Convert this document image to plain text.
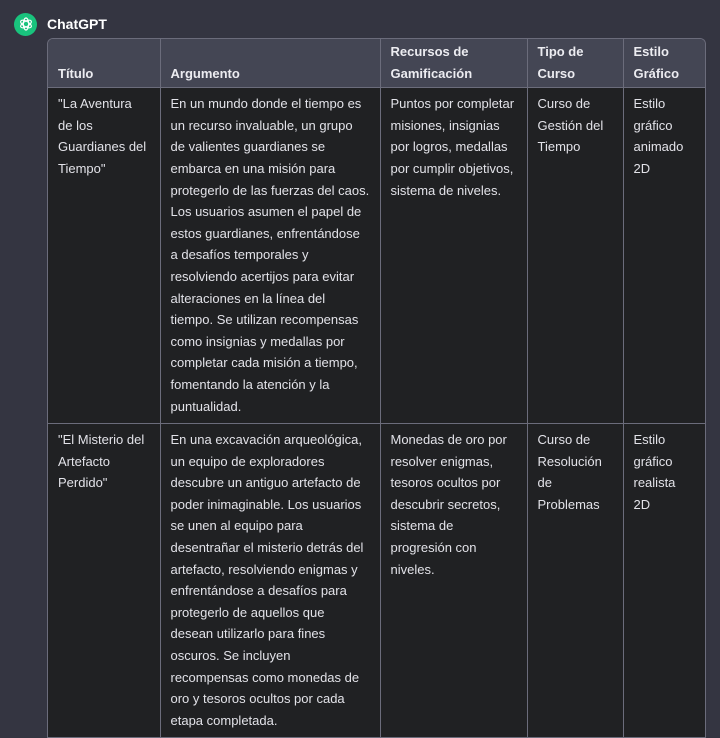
ChatGPT
Título	Argumento	Recursos de Gamificación	Tipo de Curso	Estilo Gráfico
"La Aventura de los Guardianes del Tiempo"	En un mundo donde el tiempo es un recurso invaluable, un grupo de valientes guardianes se embarca en una misión para protegerlo de las fuerzas del caos. Los usuarios asumen el papel de estos guardianes, enfrentándose a desafíos temporales y resolviendo acertijos para evitar alteraciones en la línea del tiempo. Se utilizan recompensas como insignias y medallas por completar cada misión a tiempo, fomentando la atención y la puntualidad.	Puntos por completar misiones, insignias por logros, medallas por cumplir objetivos, sistema de niveles.	Curso de Gestión del Tiempo	Estilo gráfico animado 2D
"El Misterio del Artefacto Perdido"	En una excavación arqueológica, un equipo de exploradores descubre un antiguo artefacto de poder inimaginable. Los usuarios se unen al equipo para desentrañar el misterio detrás del artefacto, resolviendo enigmas y enfrentándose a desafíos para protegerlo de aquellos que desean utilizarlo para fines oscuros. Se incluyen recompensas como monedas de oro y tesoros ocultos por cada etapa completada.	Monedas de oro por resolver enigmas, tesoros ocultos por descubrir secretos, sistema de progresión con niveles.	Curso de Resolución de Problemas	Estilo gráfico realista 2D
